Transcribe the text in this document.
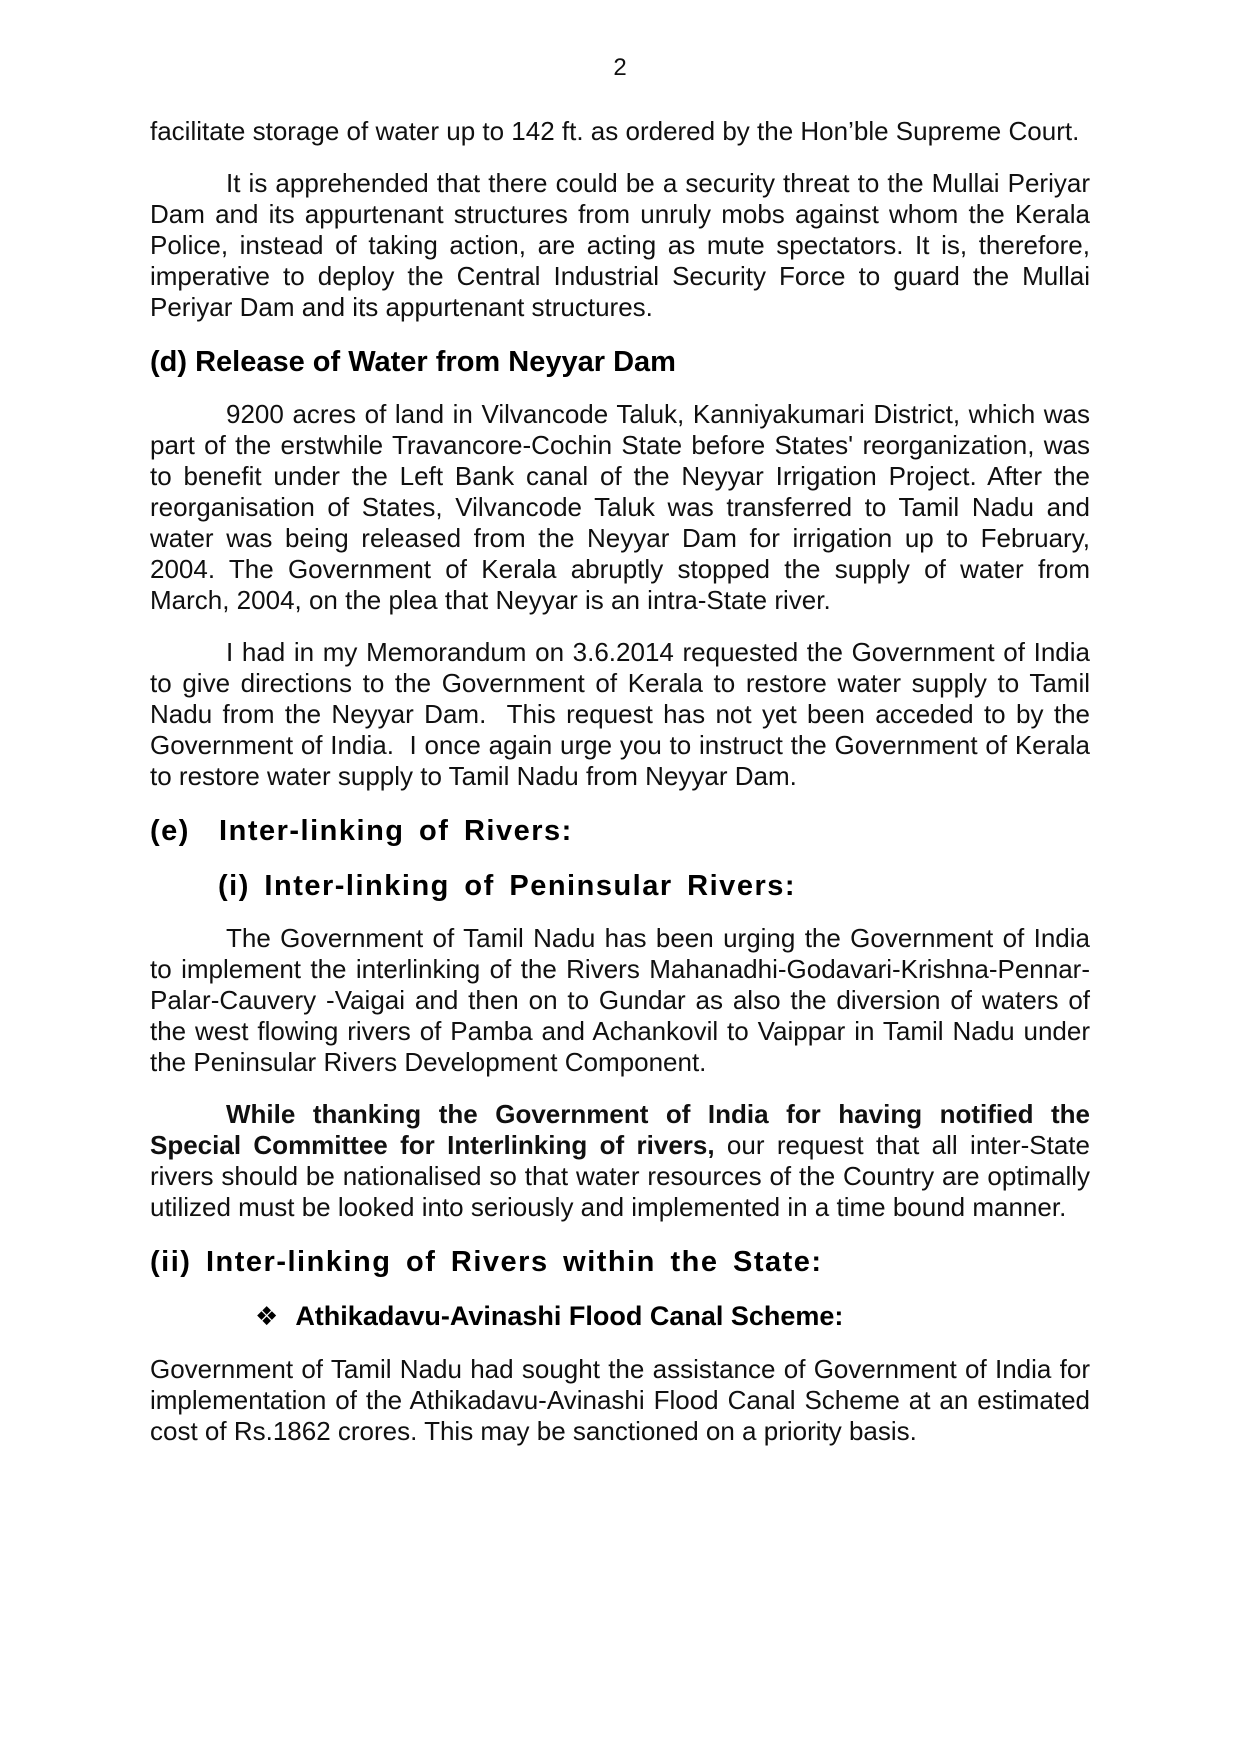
2

facilitate storage of water up to 142 ft. as ordered by the Hon’ble Supreme Court.

It is apprehended that there could be a security threat to the Mullai Periyar Dam and its appurtenant structures from unruly mobs against whom the Kerala Police, instead of taking action, are acting as mute spectators. It is, therefore, imperative to deploy the Central Industrial Security Force to guard the Mullai Periyar Dam and its appurtenant structures.

(d) Release of Water from Neyyar Dam

9200 acres of land in Vilvancode Taluk, Kanniyakumari District, which was part of the erstwhile Travancore-Cochin State before States' reorganization, was to benefit under the Left Bank canal of the Neyyar Irrigation Project. After the reorganisation of States, Vilvancode Taluk was transferred to Tamil Nadu and water was being released from the Neyyar Dam for irrigation up to February, 2004. The Government of Kerala abruptly stopped the supply of water from March, 2004, on the plea that Neyyar is an intra-State river.

I had in my Memorandum on 3.6.2014 requested the Government of India to give directions to the Government of Kerala to restore water supply to Tamil Nadu from the Neyyar Dam.  This request has not yet been acceded to by the Government of India.  I once again urge you to instruct the Government of Kerala to restore water supply to Tamil Nadu from Neyyar Dam.

(e)  Inter-linking of Rivers:
(i) Inter-linking of Peninsular Rivers:

The Government of Tamil Nadu has been urging the Government of India to implement the interlinking of the Rivers Mahanadhi-Godavari-Krishna-Pennar-Palar-Cauvery -Vaigai and then on to Gundar as also the diversion of waters of the west flowing rivers of Pamba and Achankovil to Vaippar in Tamil Nadu under the Peninsular Rivers Development Component.

While thanking the Government of India for having notified the Special Committee for Interlinking of rivers, our request that all inter-State rivers should be nationalised so that water resources of the Country are optimally utilized must be looked into seriously and implemented in a time bound manner.

(ii) Inter-linking of Rivers within the State:
❖ Athikadavu-Avinashi Flood Canal Scheme:

Government of Tamil Nadu had sought the assistance of Government of India for implementation of the Athikadavu-Avinashi Flood Canal Scheme at an estimated cost of Rs.1862 crores. This may be sanctioned on a priority basis.
